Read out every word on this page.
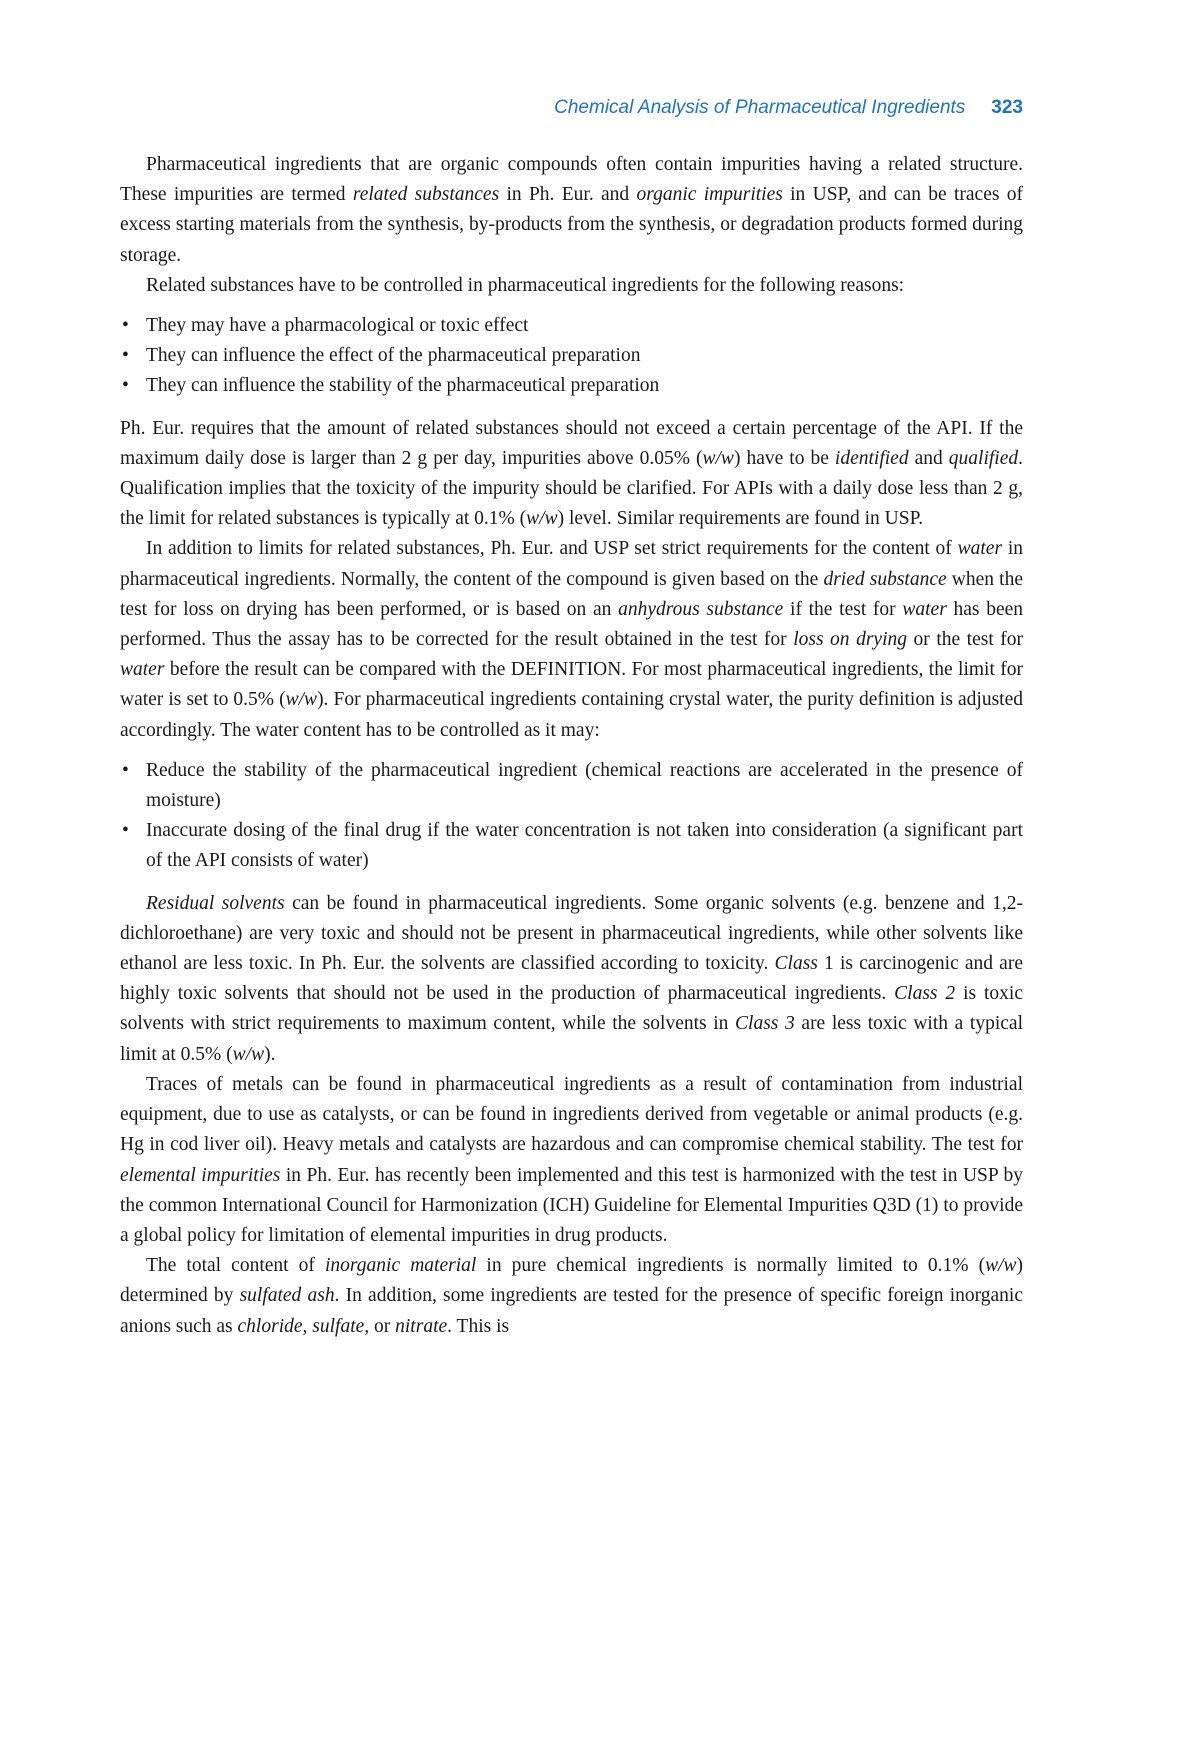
Chemical Analysis of Pharmaceutical Ingredients 323

Pharmaceutical ingredients that are organic compounds often contain impurities having a related structure. These impurities are termed related substances in Ph. Eur. and organic impurities in USP, and can be traces of excess starting materials from the synthesis, by-products from the synthesis, or degradation products formed during storage.

Related substances have to be controlled in pharmaceutical ingredients for the following reasons:

• They may have a pharmacological or toxic effect
• They can influence the effect of the pharmaceutical preparation
• They can influence the stability of the pharmaceutical preparation

Ph. Eur. requires that the amount of related substances should not exceed a certain percentage of the API. If the maximum daily dose is larger than 2 g per day, impurities above 0.05% (w/w) have to be identified and qualified. Qualification implies that the toxicity of the impurity should be clarified. For APIs with a daily dose less than 2 g, the limit for related substances is typically at 0.1% (w/w) level. Similar requirements are found in USP.

In addition to limits for related substances, Ph. Eur. and USP set strict requirements for the content of water in pharmaceutical ingredients. Normally, the content of the compound is given based on the dried substance when the test for loss on drying has been performed, or is based on an anhydrous substance if the test for water has been performed. Thus the assay has to be corrected for the result obtained in the test for loss on drying or the test for water before the result can be compared with the DEFINITION. For most pharmaceutical ingredients, the limit for water is set to 0.5% (w/w). For pharmaceutical ingredients containing crystal water, the purity definition is adjusted accordingly. The water content has to be controlled as it may:

• Reduce the stability of the pharmaceutical ingredient (chemical reactions are accelerated in the presence of moisture)
• Inaccurate dosing of the final drug if the water concentration is not taken into consideration (a significant part of the API consists of water)

Residual solvents can be found in pharmaceutical ingredients. Some organic solvents (e.g. benzene and 1,2-dichloroethane) are very toxic and should not be present in pharmaceutical ingredients, while other solvents like ethanol are less toxic. In Ph. Eur. the solvents are classified according to toxicity. Class 1 is carcinogenic and are highly toxic solvents that should not be used in the production of pharmaceutical ingredients. Class 2 is toxic solvents with strict requirements to maximum content, while the solvents in Class 3 are less toxic with a typical limit at 0.5% (w/w).

Traces of metals can be found in pharmaceutical ingredients as a result of contamination from industrial equipment, due to use as catalysts, or can be found in ingredients derived from vegetable or animal products (e.g. Hg in cod liver oil). Heavy metals and catalysts are hazardous and can compromise chemical stability. The test for elemental impurities in Ph. Eur. has recently been implemented and this test is harmonized with the test in USP by the common International Council for Harmonization (ICH) Guideline for Elemental Impurities Q3D (1) to provide a global policy for limitation of elemental impurities in drug products.

The total content of inorganic material in pure chemical ingredients is normally limited to 0.1% (w/w) determined by sulfated ash. In addition, some ingredients are tested for the presence of specific foreign inorganic anions such as chloride, sulfate, or nitrate. This is
